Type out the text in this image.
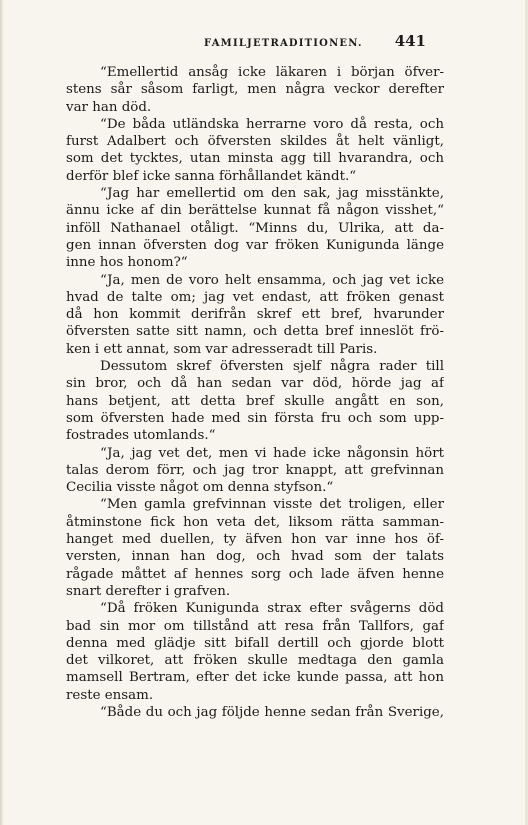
FAMILJETRADITIONEN. 441
“Emellertid ansåg icke läkaren i början öfver-
stens sår såsom farligt, men några veckor derefter
var han död.
“De båda utländska herrarne voro då resta, och
furst Adalbert och öfversten skildes åt helt vänligt,
som det tycktes, utan minsta agg till hvarandra, och
derför blef icke sanna förhållandet kändt.“
“Jag har emellertid om den sak, jag misstänkte,
ännu icke af din berättelse kunnat få någon visshet,“
inföll Nathanael otåligt. “Minns du, Ulrika, att da-
gen innan öfversten dog var fröken Kunigunda länge
inne hos honom?“
“Ja, men de voro helt ensamma, och jag vet icke
hvad de talte om; jag vet endast, att fröken genast
då hon kommit derifrån skref ett bref, hvarunder
öfversten satte sitt namn, och detta bref inneslöt frö-
ken i ett annat, som var adresseradt till Paris.
Dessutom skref öfversten sjelf några rader till
sin bror, och då han sedan var död, hörde jag af
hans betjent, att detta bref skulle angått en son,
som öfversten hade med sin första fru och som upp-
fostrades utomlands.“
“Ja, jag vet det, men vi hade icke någonsin hört
talas derom förr, och jag tror knappt, att grefvinnan
Cecilia visste något om denna styfson.“
“Men gamla grefvinnan visste det troligen, eller
åtminstone fick hon veta det, liksom rätta samman-
hanget med duellen, ty äfven hon var inne hos öf-
versten, innan han dog, och hvad som der talats
rågade måttet af hennes sorg och lade äfven henne
snart derefter i grafven.
“Då fröken Kunigunda strax efter svågerns död
bad sin mor om tillstånd att resa från Tallfors, gaf
denna med glädje sitt bifall dertill och gjorde blott
det vilkoret, att fröken skulle medtaga den gamla
mamsell Bertram, efter det icke kunde passa, att hon
reste ensam.
“Både du och jag följde henne sedan från Sverige,
